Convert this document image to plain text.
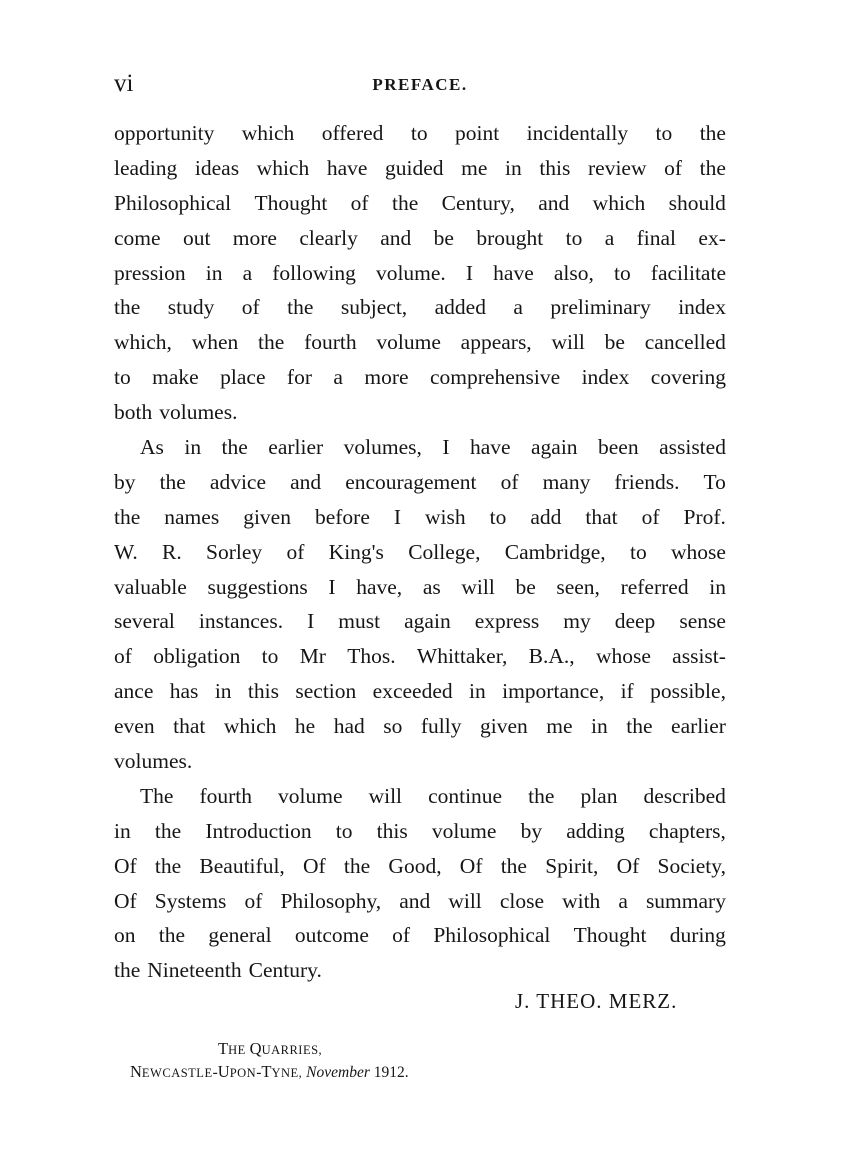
vi	PREFACE.
opportunity which offered to point incidentally to the
leading ideas which have guided me in this review of the
Philosophical Thought of the Century, and which should
come out more clearly and be brought to a final ex-
pression in a following volume. I have also, to facilitate
the study of the subject, added a preliminary index
which, when the fourth volume appears, will be cancelled
to make place for a more comprehensive index covering
both volumes.
As in the earlier volumes, I have again been assisted
by the advice and encouragement of many friends. To
the names given before I wish to add that of Prof.
W. R. Sorley of King's College, Cambridge, to whose
valuable suggestions I have, as will be seen, referred in
several instances. I must again express my deep sense
of obligation to Mr Thos. Whittaker, B.A., whose assist-
ance has in this section exceeded in importance, if possible,
even that which he had so fully given me in the earlier
volumes.
The fourth volume will continue the plan described
in the Introduction to this volume by adding chapters,
Of the Beautiful, Of the Good, Of the Spirit, Of Society,
Of Systems of Philosophy, and will close with a summary
on the general outcome of Philosophical Thought during
the Nineteenth Century.
J. THEO. MERZ.
THE QUARRIES,
NEWCASTLE-UPON-TYNE, November 1912.
